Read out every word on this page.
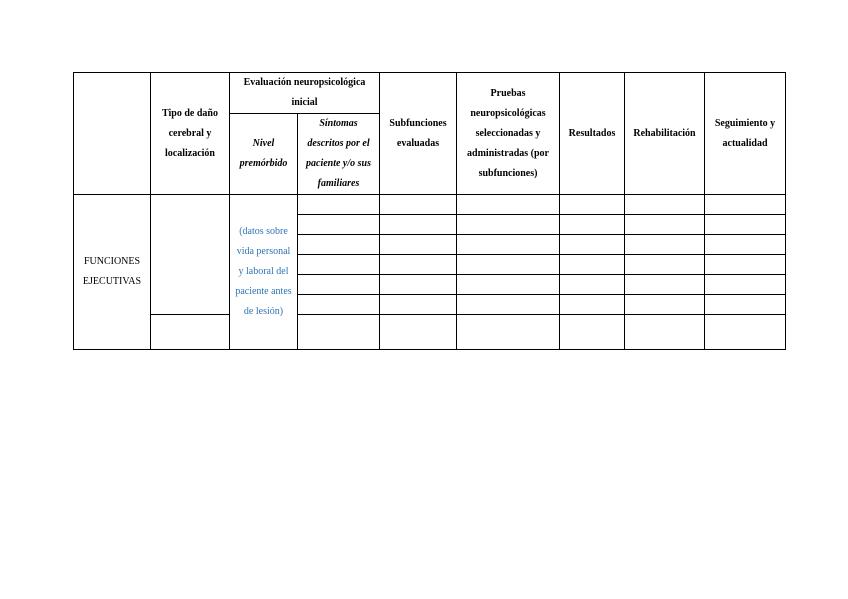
	Tipo de daño cerebral y localización	Evaluación neuropsicológica inicial		Subfunciones evaluadas	Pruebas neuropsicológicas seleccionadas y administradas (por subfunciones)	Resultados	Rehabilitación	Seguimiento y actualidad
		Nivel premórbido	Síntomas descritos por el paciente y/o sus familiares					
FUNCIONES EJECUTIVAS		(datos sobre vida personal y laboral del paciente antes de lesión)						
